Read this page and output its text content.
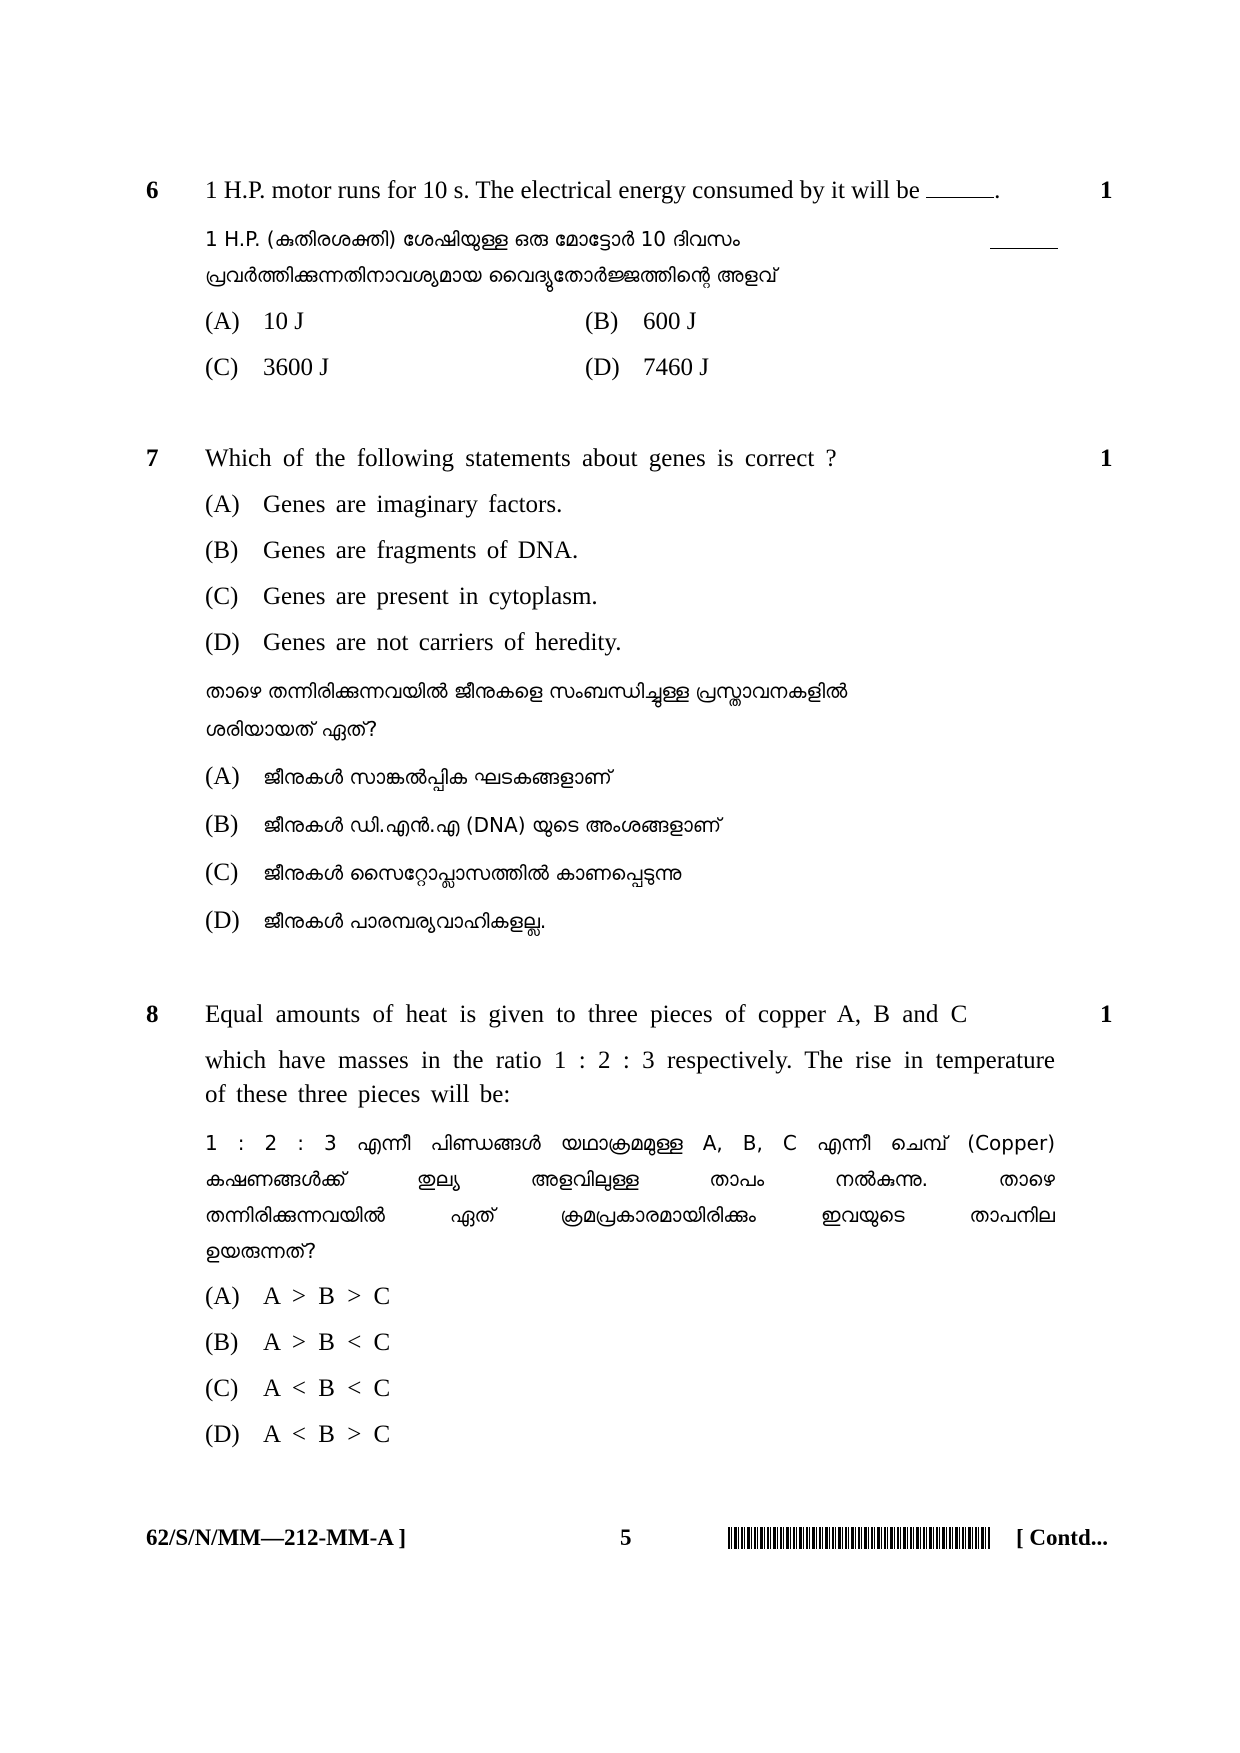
6	1
1 H.P. motor runs for 10 s. The electrical energy consumed by it will be	.
1 H.P. (കുതിരശക്തി) ശേഷിയുള്ള ഒരു മോട്ടോർ 10 ദിവസം
പ്രവർത്തിക്കുന്നതിനാവശ്യമായ വൈദ്യുതോർജ്ജത്തിന്റെ അളവ്
(A) 10 J	(B) 600 J
(C) 3600 J	(D) 7460 J
7	1
Which of the following statements about genes is correct ?
(A) Genes are imaginary factors.
(B) Genes are fragments of DNA.
(C) Genes are present in cytoplasm.
(D) Genes are not carriers of heredity.
താഴെ തന്നിരിക്കുന്നവയിൽ ജീനുകളെ സംബന്ധിച്ചുള്ള പ്രസ്താവനകളിൽ
ശരിയായത് ഏത്?
(A) ജീനുകൾ സാങ്കൽപ്പിക ഘടകങ്ങളാണ്
(B) ജീനുകൾ ഡി.എൻ.എ (DNA) യുടെ അംശങ്ങളാണ്
(C) ജീനുകൾ സൈറ്റോപ്ലാസത്തിൽ കാണപ്പെടുന്നു
(D) ജീനുകൾ പാരമ്പര്യവാഹികളല്ല.
8	1
Equal amounts of heat is given to three pieces of copper A, B and C
which have masses in the ratio 1 : 2 : 3 respectively. The rise in temperature
of these three pieces will be:
1 : 2 : 3 എന്നീ പിണ്ഡങ്ങൾ യഥാക്രമമുള്ള A, B, C എന്നീ ചെമ്പ് (Copper)
കഷണങ്ങൾക്ക് തുല്യ അളവിലുള്ള താപം നൽകുന്നു. താഴെ
തന്നിരിക്കുന്നവയിൽ ഏത് ക്രമപ്രകാരമായിരിക്കും ഇവയുടെ താപനില
ഉയരുന്നത്?
(A) A > B > C
(B) A > B < C
(C) A < B < C
(D) A < B > C
62/S/N/MM—212-MM-A ]	5	[ Contd...
